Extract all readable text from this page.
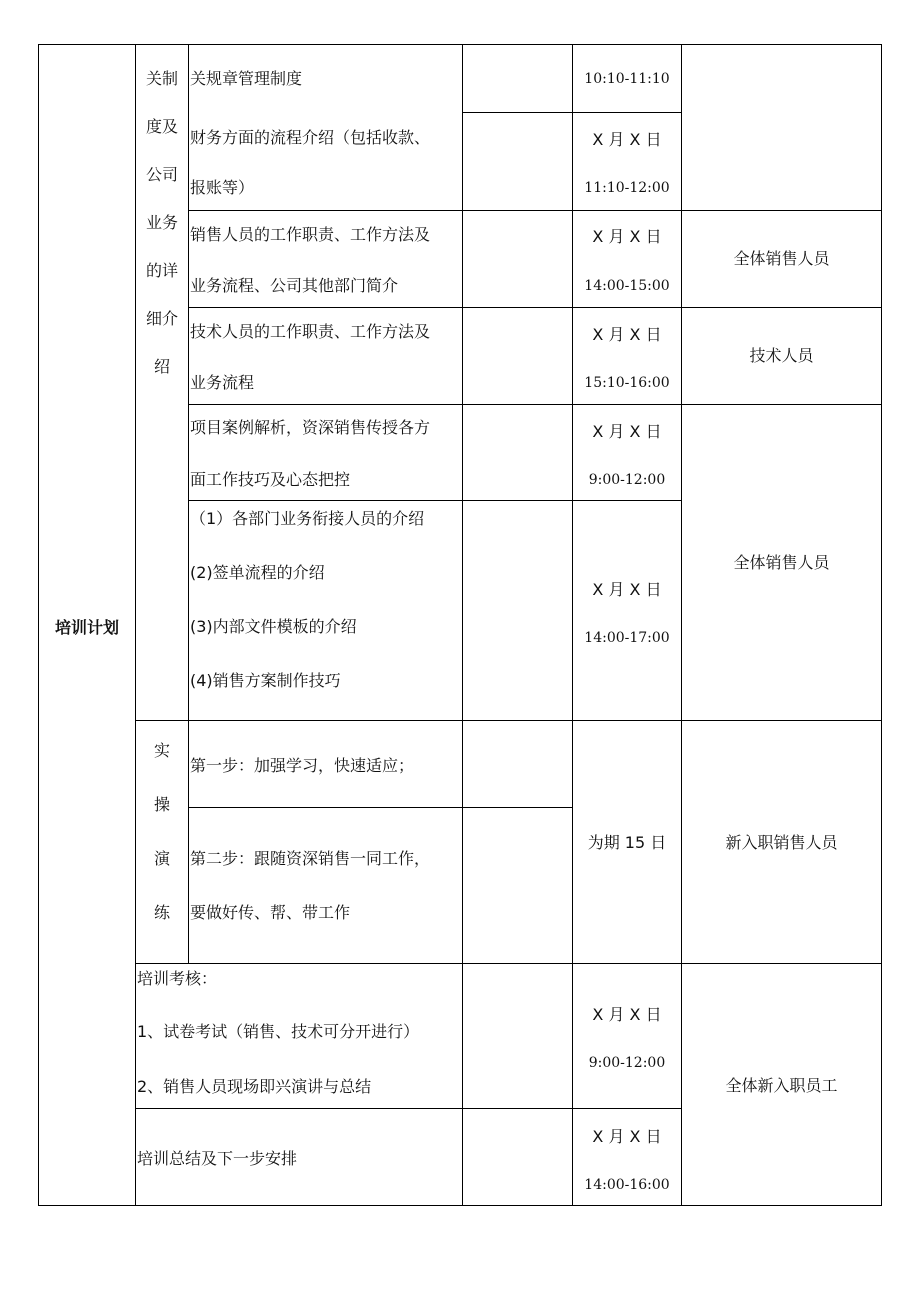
培训计划
关制
度及
公司
业务
的详
细介
绍
关规章管理制度	10:10-11:10
财务方面的流程介绍（包括收款、
报账等）
X 月 X 日
11:10-12:00
销售人员的工作职责、工作方法及
业务流程、公司其他部门简介
X 月 X 日
14:00-15:00
全体销售人员
技术人员的工作职责、工作方法及
业务流程
X 月 X 日
15:10-16:00
技术人员
项目案例解析，资深销售传授各方
面工作技巧及心态把控
X 月 X 日
9:00-12:00
（1）各部门业务衔接人员的介绍
(2)签单流程的介绍
(3)内部文件模板的介绍
(4)销售方案制作技巧
X 月 X 日
14:00-17:00
全体销售人员
实
操
演
练
第一步：加强学习，快速适应；
第二步：跟随资深销售一同工作，
要做好传、帮、带工作
为期 15 日	新入职销售人员
培训考核：
1、试卷考试（销售、技术可分开进行）
2、销售人员现场即兴演讲与总结
X 月 X 日
9:00-12:00
培训总结及下一步安排
X 月 X 日
14:00-16:00
全体新入职员工
